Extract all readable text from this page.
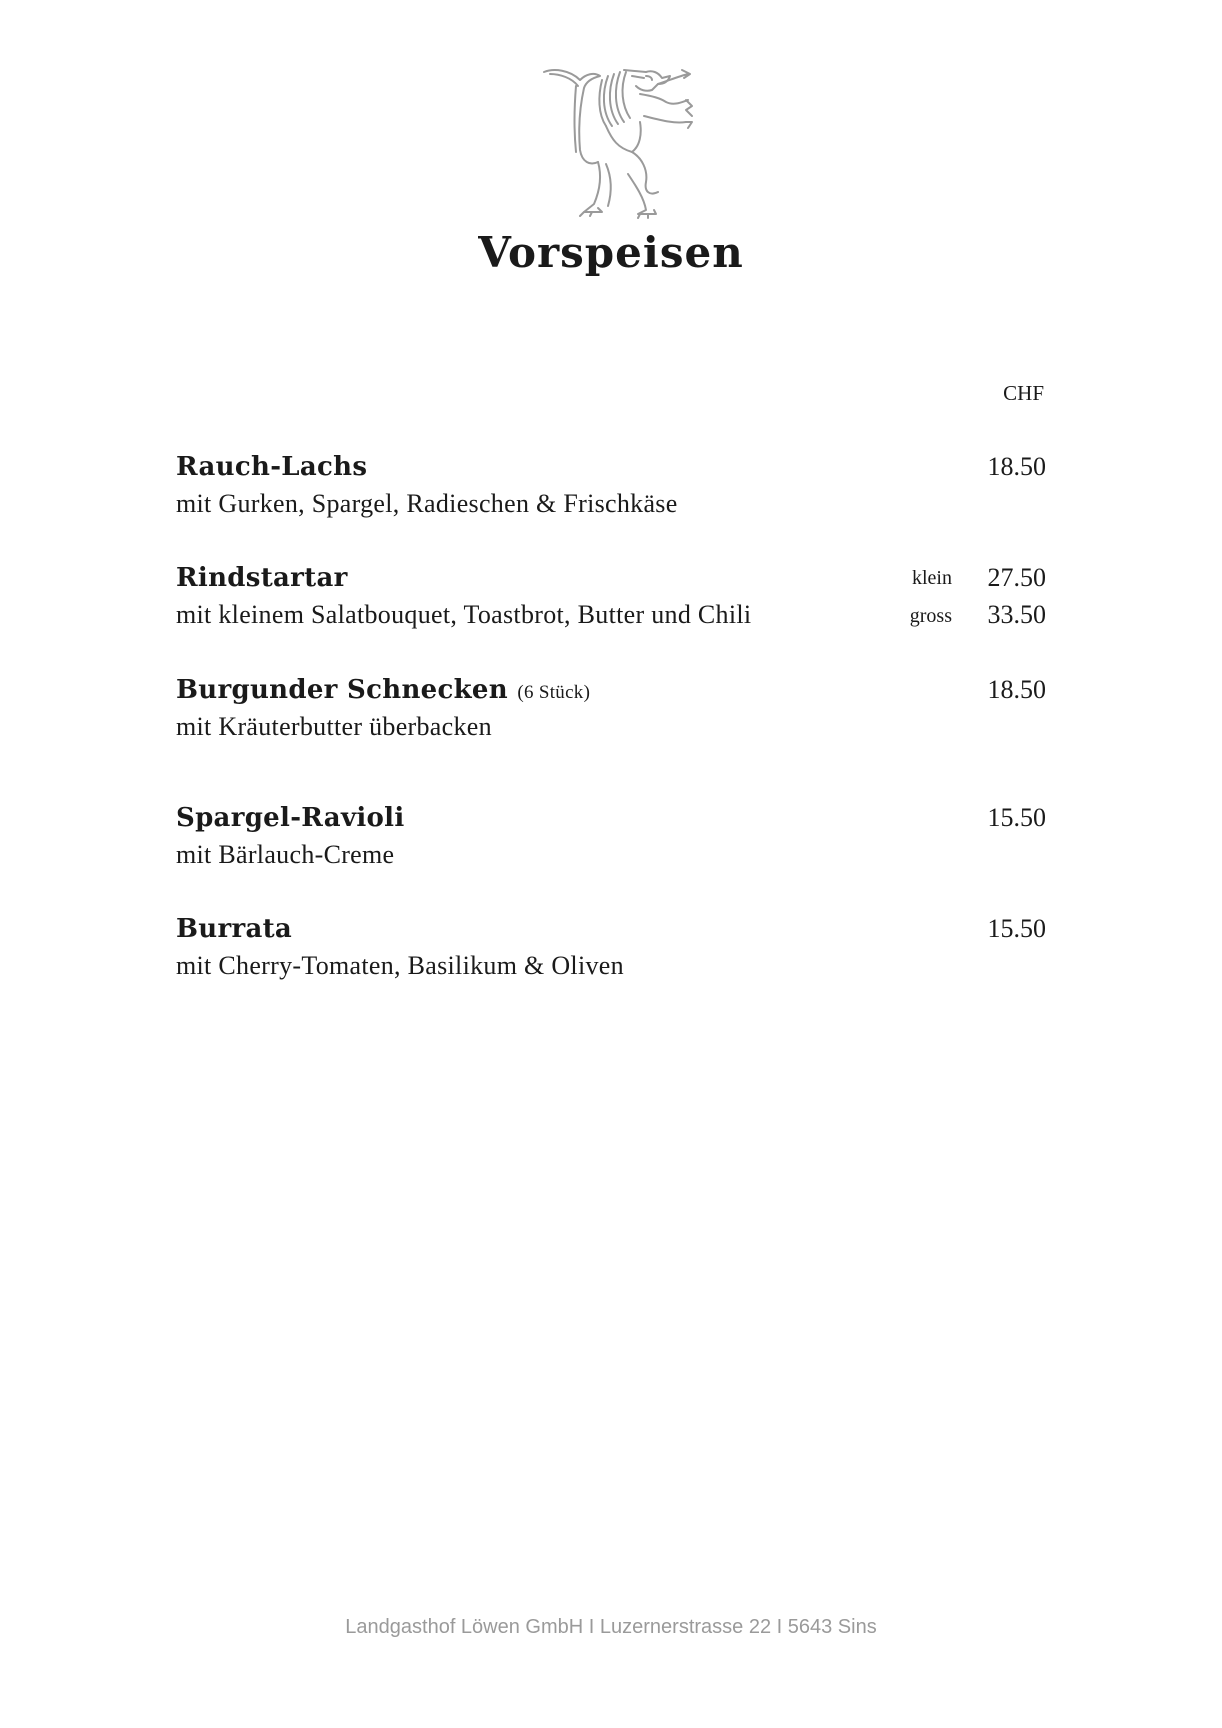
Vorspeisen
CHF
Rauch-Lachs
mit Gurken, Spargel, Radieschen & Frischkäse
18.50
Rindstartar
mit kleinem Salatbouquet, Toastbrot, Butter und Chili
klein 27.50
gross 33.50
Burgunder Schnecken (6 Stück)
mit Kräuterbutter überbacken
18.50
Spargel-Ravioli
mit Bärlauch-Creme
15.50
Burrata
mit Cherry-Tomaten, Basilikum & Oliven
15.50
Landgasthof Löwen GmbH I Luzernerstrasse 22 I 5643 Sins
